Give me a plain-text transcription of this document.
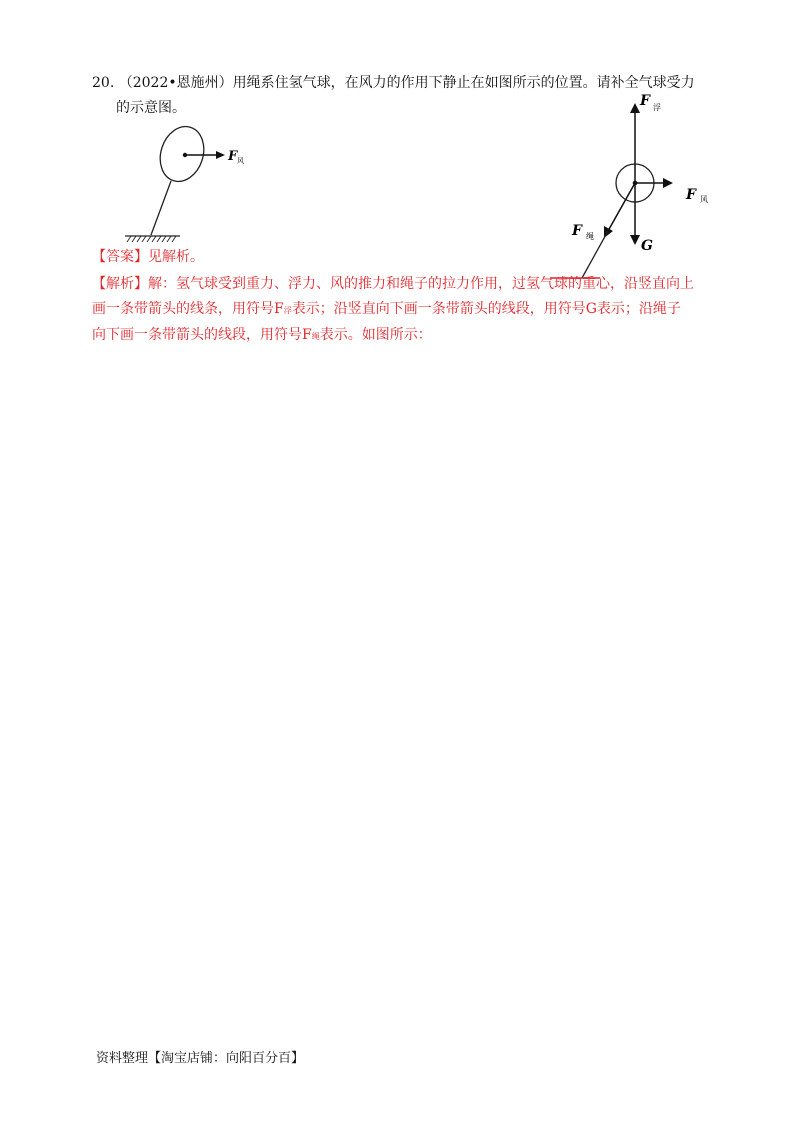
20. （2022•恩施州）用绳系住氢气球，在风力的作用下静止在如图所示的位置。请补全气球受力
的示意图。
F 风
F 浮
F 风
G
F 绳
【答案】见解析。
【解析】解：氢气球受到重力、浮力、风的推力和绳子的拉力作用，过氢气球的重心，沿竖直向上
画一条带箭头的线条，用符号F浮表示；沿竖直向下画一条带箭头的线段，用符号G表示；沿绳子
向下画一条带箭头的线段，用符号F绳表示。如图所示：
资料整理【淘宝店铺：向阳百分百】
